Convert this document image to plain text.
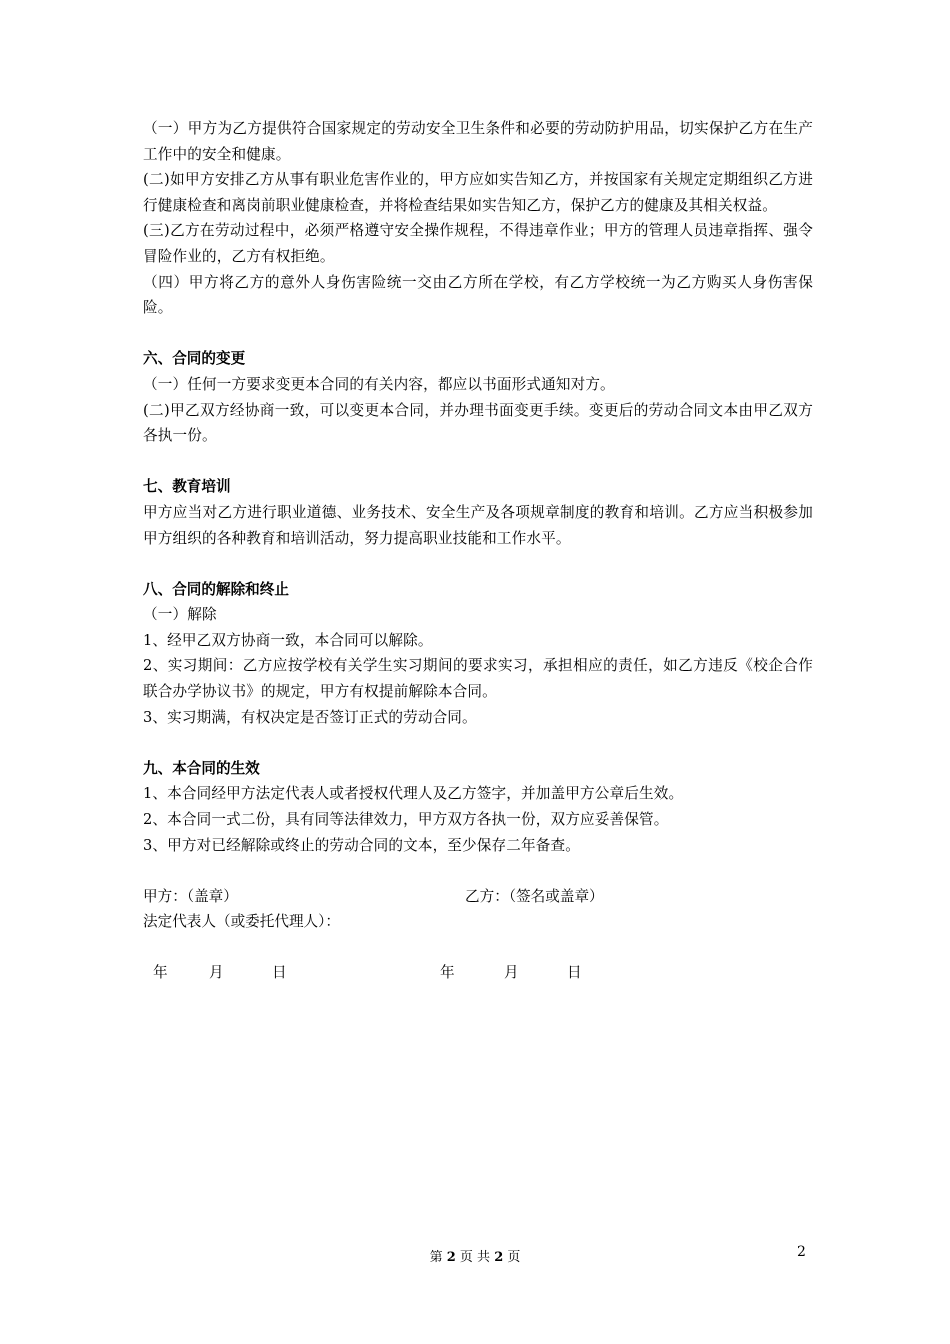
（一）甲方为乙方提供符合国家规定的劳动安全卫生条件和必要的劳动防护用品，切实保护乙方在生产工作中的安全和健康。

(二)如甲方安排乙方从事有职业危害作业的，甲方应如实告知乙方，并按国家有关规定定期组织乙方进行健康检查和离岗前职业健康检查，并将检查结果如实告知乙方，保护乙方的健康及其相关权益。

(三)乙方在劳动过程中，必须严格遵守安全操作规程，不得违章作业；甲方的管理人员违章指挥、强令冒险作业的，乙方有权拒绝。

（四）甲方将乙方的意外人身伤害险统一交由乙方所在学校，有乙方学校统一为乙方购买人身伤害保险。

六、合同的变更

（一）任何一方要求变更本合同的有关内容，都应以书面形式通知对方。

(二)甲乙双方经协商一致，可以变更本合同，并办理书面变更手续。变更后的劳动合同文本由甲乙双方各执一份。

七、教育培训

甲方应当对乙方进行职业道德、业务技术、安全生产及各项规章制度的教育和培训。乙方应当积极参加甲方组织的各种教育和培训活动，努力提高职业技能和工作水平。

八、合同的解除和终止

（一）解除

1、经甲乙双方协商一致，本合同可以解除。

2、实习期间：乙方应按学校有关学生实习期间的要求实习，承担相应的责任，如乙方违反《校企合作联合办学协议书》的规定，甲方有权提前解除本合同。

3、实习期满，有权决定是否签订正式的劳动合同。

九、本合同的生效

1、本合同经甲方法定代表人或者授权代理人及乙方签字，并加盖甲方公章后生效。

2、本合同一式二份，具有同等法律效力，甲方双方各执一份，双方应妥善保管。

3、甲方对已经解除或终止的劳动合同的文本，至少保存二年备查。

甲方：（盖章）	乙方：（签名或盖章）
法定代表人（或委托代理人）：
年	月	日	年	月	日
第 2 页 共 2 页	2
